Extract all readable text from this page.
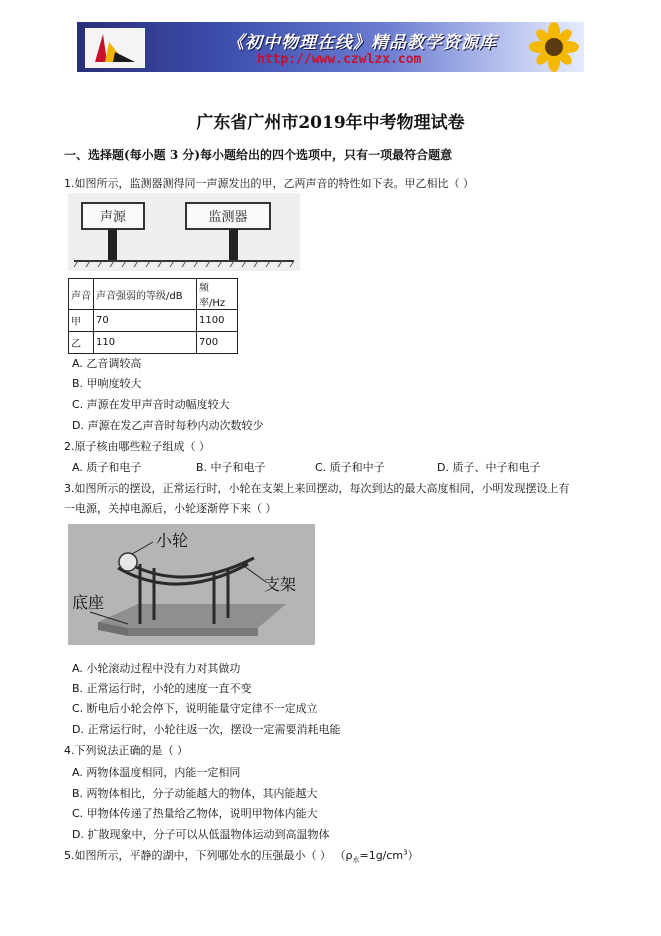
《初中物理在线》精品教学资源库
http://www.czwlzx.com
广东省广州市2019年中考物理试卷
一、选择题(每小题 3 分)每小题给出的四个选项中，只有一项最符合题意
1.如图所示，监测器测得同一声源发出的甲，乙两声音的特性如下表。甲乙相比（ ）
声源	监测器
声音	声音强弱的等级/dB	频率/Hz
甲	70	1100
乙	110	700
A. 乙音调较高
B. 甲响度较大
C. 声源在发甲声音时动幅度较大
D. 声源在发乙声音时每秒内动次数较少
2.原子核由哪些粒子组成（ ）
A. 质子和电子	B. 中子和电子	C. 质子和中子	D. 质子、中子和电子
3.如图所示的摆设，正常运行时，小轮在支架上来回摆动，每次到达的最大高度相同，小明发现摆设上有
一电源，关掉电源后，小轮逐渐停下来（ ）
小轮
支架
底座
A. 小轮滚动过程中没有力对其做功
B. 正常运行时，小轮的速度一直不变
C. 断电后小轮会停下，说明能量守定律不一定成立
D. 正常运行时，小轮往返一次，摆设一定需要消耗电能
4.下列说法正确的是（ ）
A. 两物体温度相同，内能一定相同
B. 两物体相比，分子动能越大的物体，其内能越大
C. 甲物体传递了热量给乙物体，说明甲物体内能大
D. 扩散现象中，分子可以从低温物体运动到高温物体
5.如图所示，平静的湖中，下列哪处水的压强最小（ ） $(\rho_水=1g/cm^3)$
